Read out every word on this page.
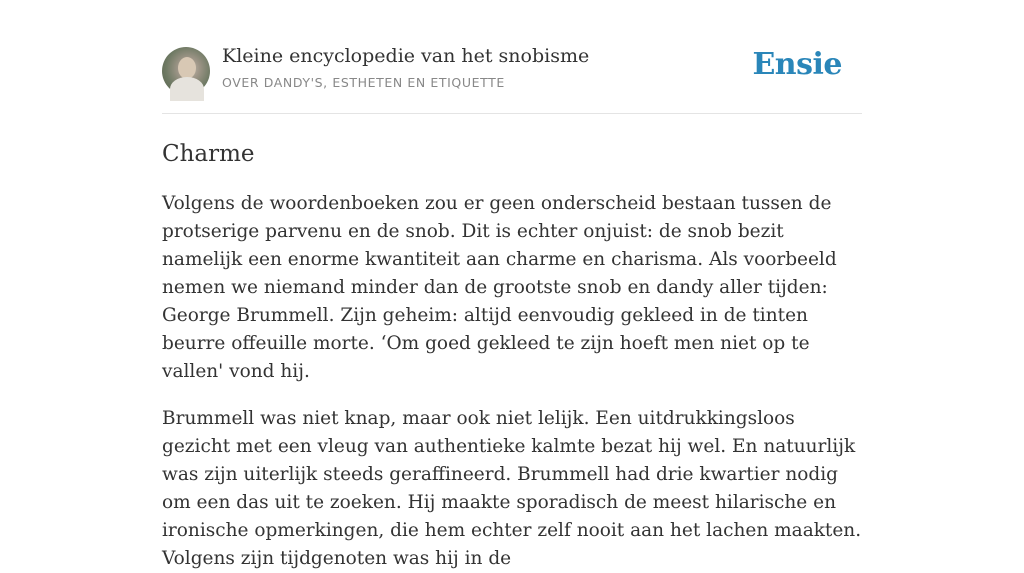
Kleine encyclopedie van het snobisme

OVER DANDY'S, ESTHETEN EN ETIQUETTE

Ensie
Charme

Volgens de woordenboeken zou er geen onderscheid bestaan tussen de protserige parvenu en de snob. Dit is echter onjuist: de snob bezit namelijk een enorme kwantiteit aan charme en charisma. Als voorbeeld nemen we niemand minder dan de grootste snob en dandy aller tijden: George Brummell. Zijn geheim: altijd eenvoudig gekleed in de tinten beurre offeuille morte. ‘Om goed gekleed te zijn hoeft men niet op te vallen' vond hij.

Brummell was niet knap, maar ook niet lelijk. Een uitdrukkingsloos gezicht met een vleug van authentieke kalmte bezat hij wel. En natuurlijk was zijn uiterlijk steeds geraffineerd. Brummell had drie kwartier nodig om een das uit te zoeken. Hij maakte sporadisch de meest hilarische en ironische opmerkingen, die hem echter zelf nooit aan het lachen maakten. Volgens zijn tijdgenoten was hij in de
